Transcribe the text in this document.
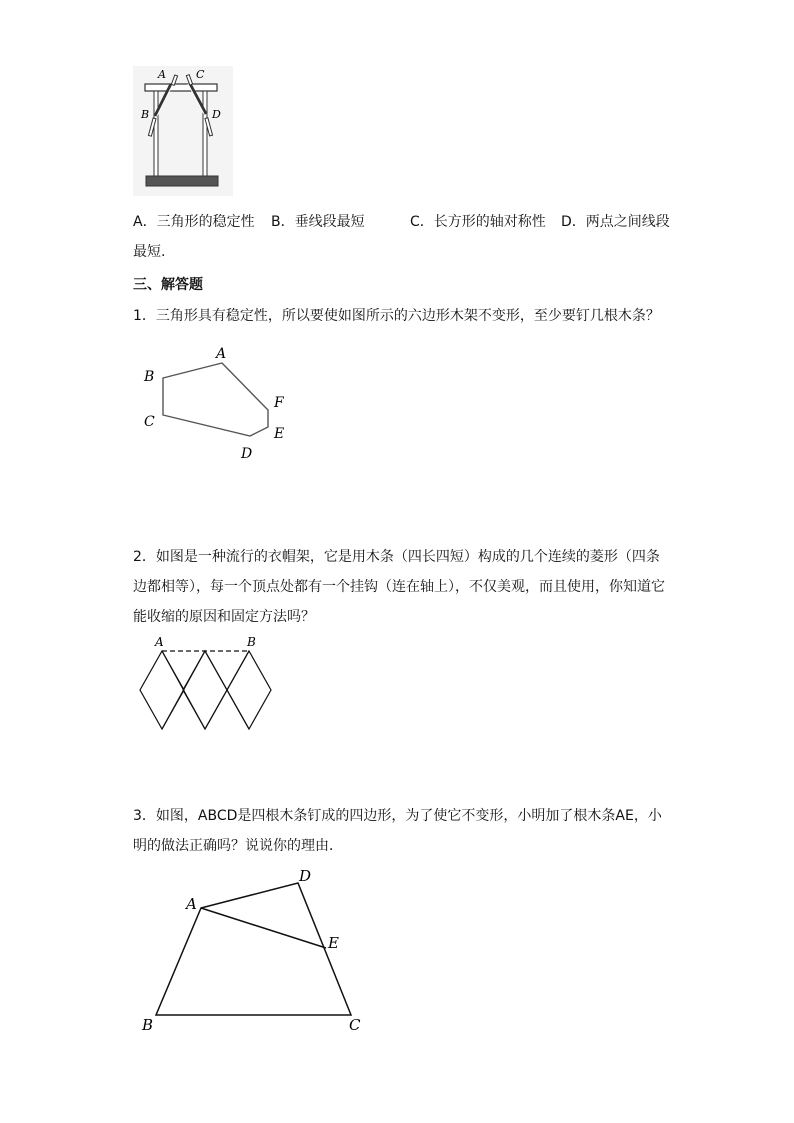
A	C
B	D
A．三角形的稳定性 B．垂线段最短	C．长方形的轴对称性 D．两点之间线段
最短.
三、解答题
1．三角形具有稳定性，所以要使如图所示的六边形木架不变形，至少要钉几根木条？
A
B
C
D
E
F
2．如图是一种流行的衣帽架，它是用木条（四长四短）构成的几个连续的菱形（四条
边都相等），每一个顶点处都有一个挂钩（连在轴上），不仅美观，而且使用，你知道它
能收缩的原因和固定方法吗？
A	B
3．如图，ABCD是四根木条钉成的四边形，为了使它不变形，小明加了根木条AE，小
明的做法正确吗？说说你的理由．
A
D
E
B	C
